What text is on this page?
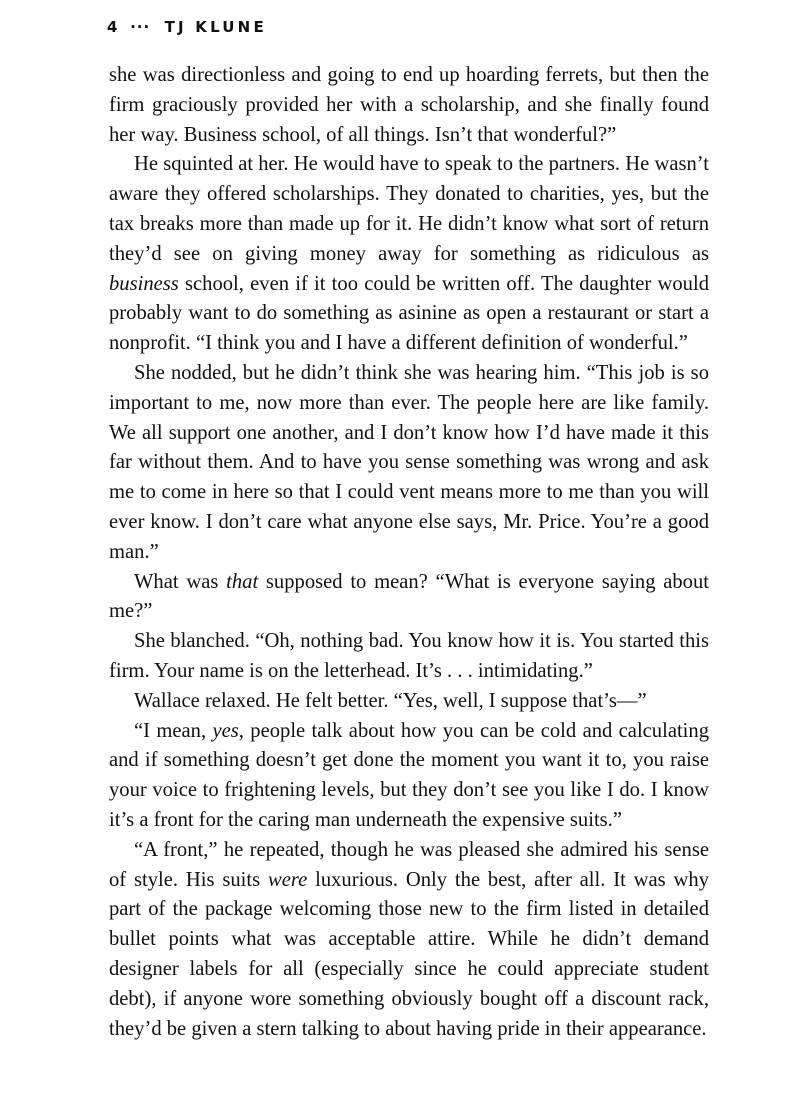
4 ··· TJ KLUNE

she was directionless and going to end up hoarding ferrets, but then the firm graciously provided her with a scholarship, and she finally found her way. Business school, of all things. Isn’t that wonderful?”

He squinted at her. He would have to speak to the partners. He wasn’t aware they offered scholarships. They donated to charities, yes, but the tax breaks more than made up for it. He didn’t know what sort of return they’d see on giving money away for something as ridiculous as business school, even if it too could be written off. The daughter would probably want to do something as asinine as open a restaurant or start a nonprofit. “I think you and I have a different definition of wonderful.”

She nodded, but he didn’t think she was hearing him. “This job is so important to me, now more than ever. The people here are like family. We all support one another, and I don’t know how I’d have made it this far without them. And to have you sense something was wrong and ask me to come in here so that I could vent means more to me than you will ever know. I don’t care what anyone else says, Mr. Price. You’re a good man.”

What was that supposed to mean? “What is everyone saying about me?”

She blanched. “Oh, nothing bad. You know how it is. You started this firm. Your name is on the letterhead. It’s . . . intimidating.”

Wallace relaxed. He felt better. “Yes, well, I suppose that’s—”

“I mean, yes, people talk about how you can be cold and calculating and if something doesn’t get done the moment you want it to, you raise your voice to frightening levels, but they don’t see you like I do. I know it’s a front for the caring man underneath the expensive suits.”

“A front,” he repeated, though he was pleased she admired his sense of style. His suits were luxurious. Only the best, after all. It was why part of the package welcoming those new to the firm listed in detailed bullet points what was acceptable attire. While he didn’t demand designer labels for all (especially since he could appreciate student debt), if anyone wore something obviously bought off a discount rack, they’d be given a stern talking to about having pride in their appearance.
